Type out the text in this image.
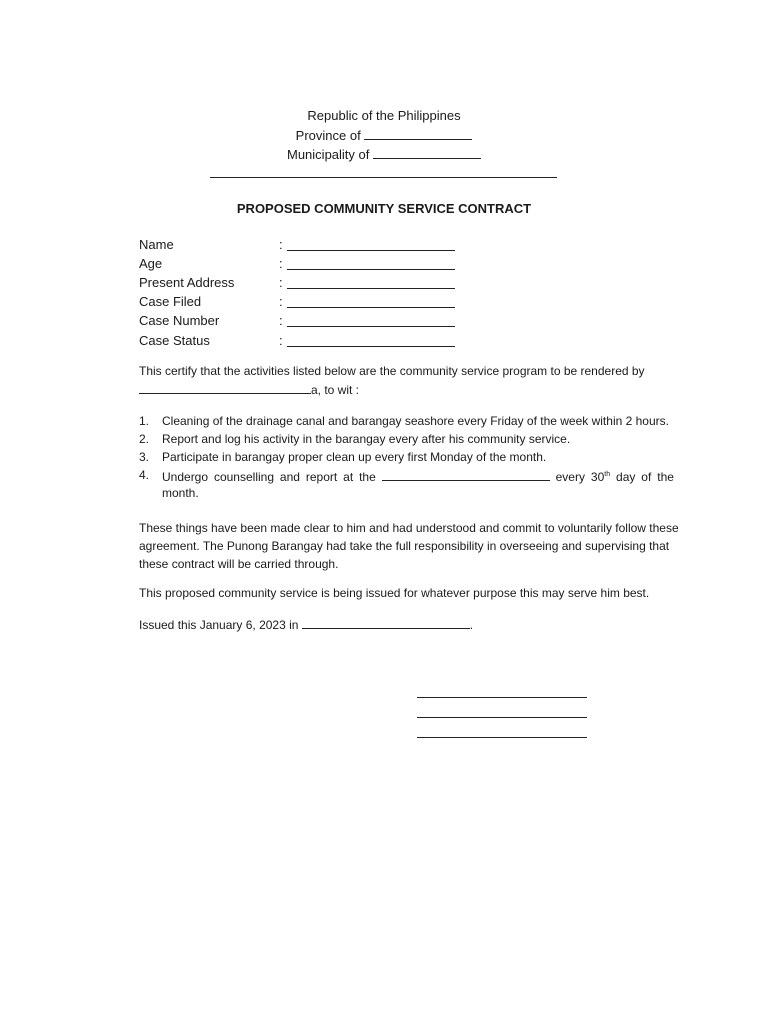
Republic of the Philippines
Province of
Municipality of
PROPOSED COMMUNITY SERVICE CONTRACT
Name	:
Age	:
Present Address	:
Case Filed	:
Case Number	:
Case Status	:
This certify that the activities listed below are the community service program to be rendered by
a, to wit :
1. Cleaning of the drainage canal and barangay seashore every Friday of the week within 2 hours.
2. Report and log his activity in the barangay every after his community service.
3. Participate in barangay proper clean up every first Monday of the month.
4. Undergo counselling and report at the	every 30th day of the
month.
These things have been made clear to him and had understood and commit to voluntarily follow these
agreement. The Punong Barangay had take the full responsibility in overseeing and supervising that
these contract will be carried through.
This proposed community service is being issued for whatever purpose this may serve him best.
Issued this January 6, 2023 in	.
